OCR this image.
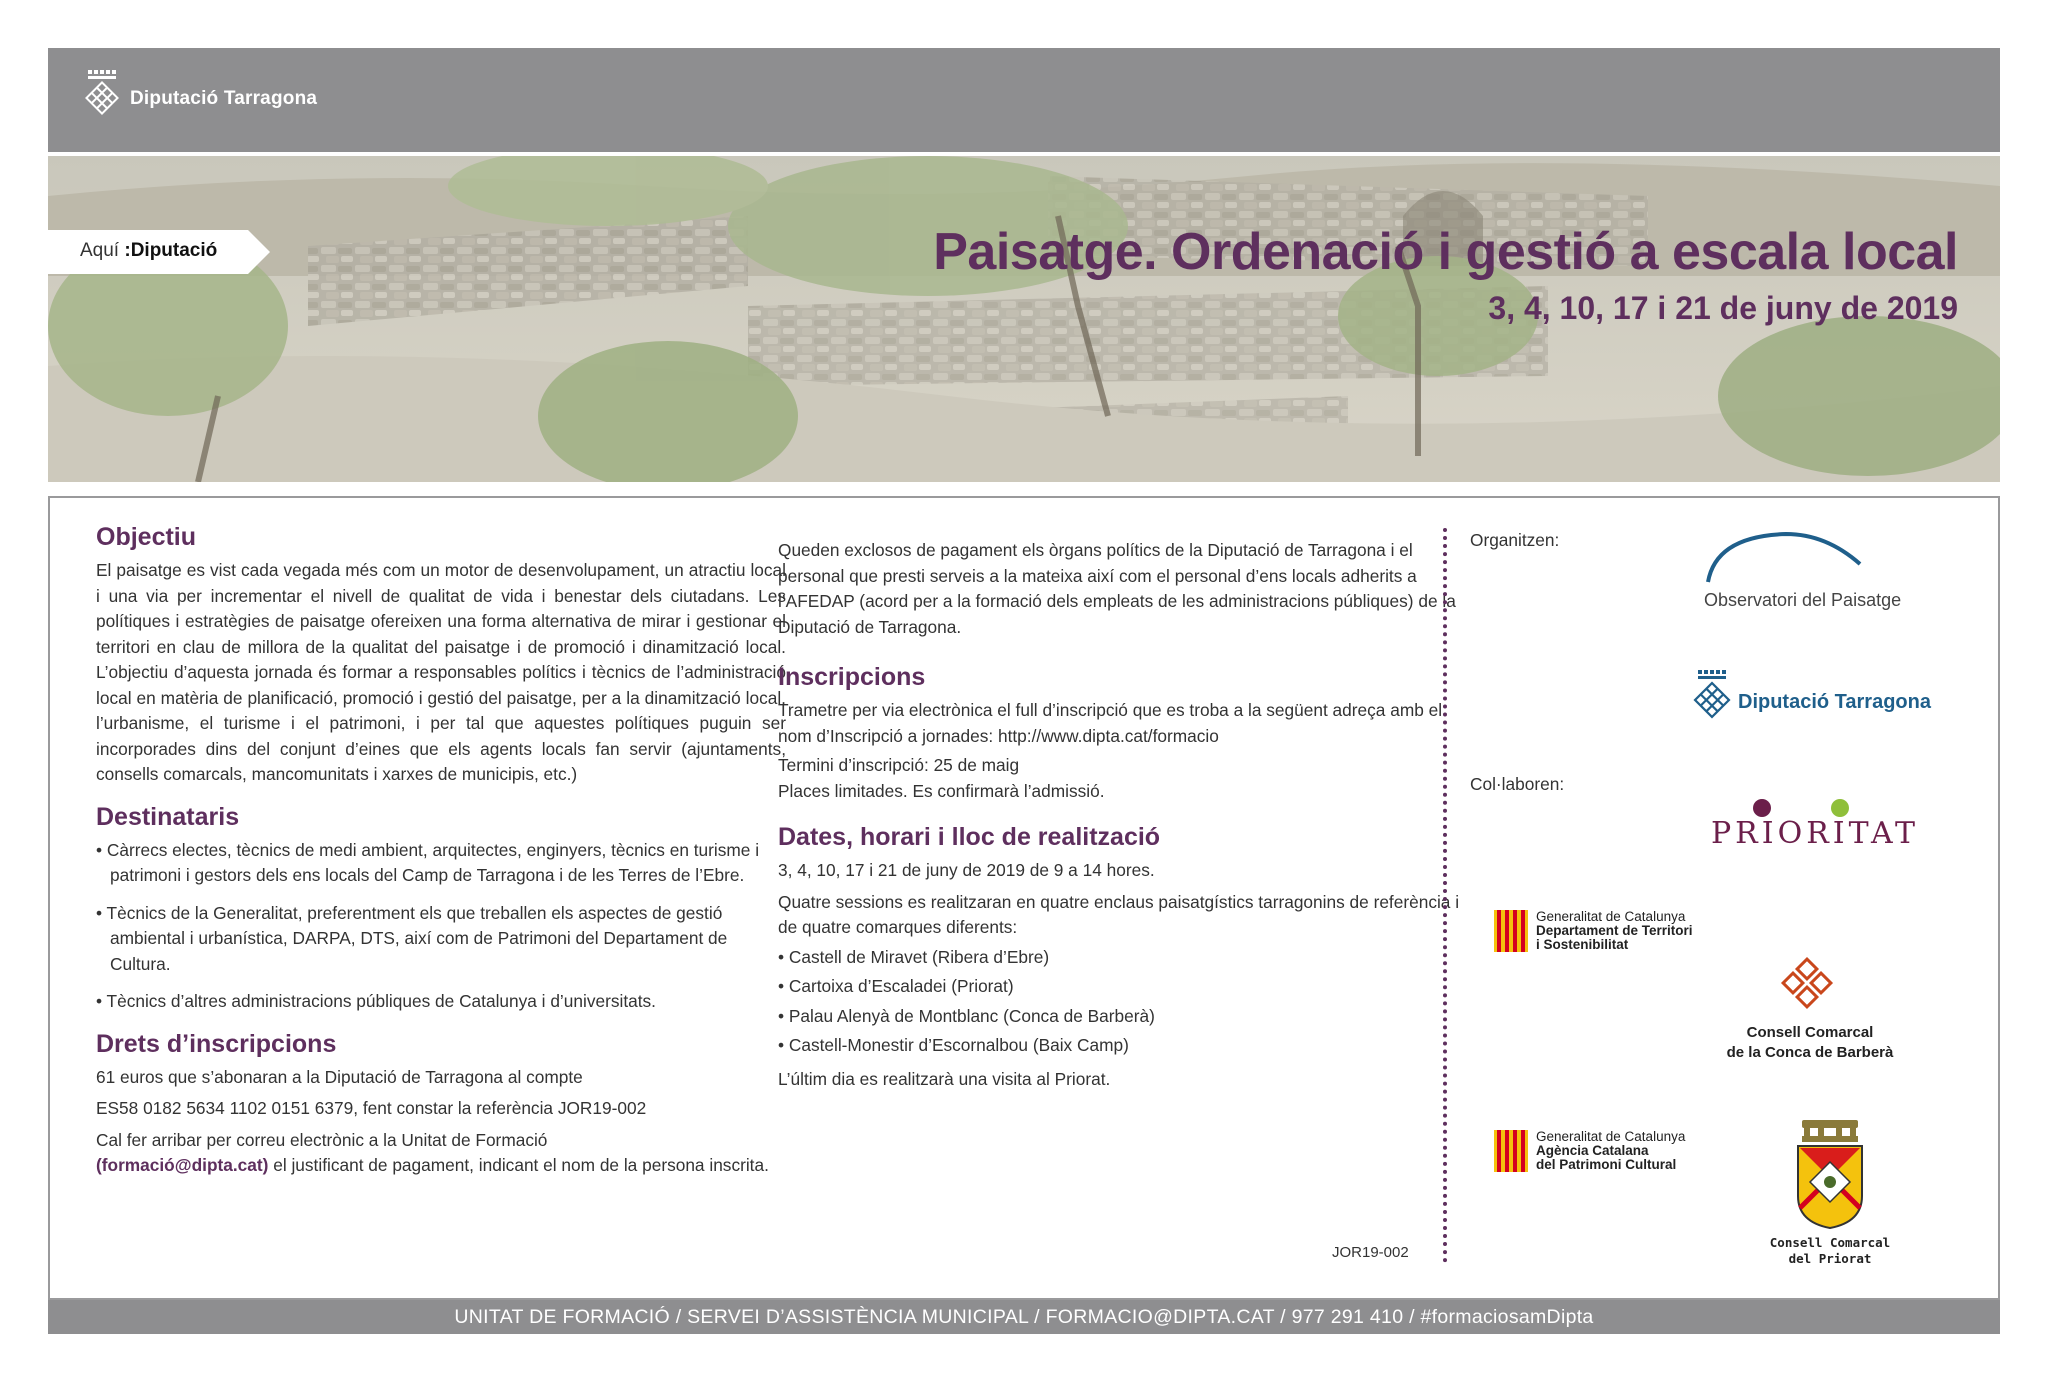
Diputació Tarragona
Aquí :Diputació	Paisatge. Ordenació i gestió a escala local
3, 4, 10, 17 i 21 de juny de 2019
Objectiu

El paisatge es vist cada vegada més com un motor de desenvolupament, un atractiu local i una via per incrementar el nivell de qualitat de vida i benestar dels ciutadans. Les polítiques i estratègies de paisatge ofereixen una forma alternativa de mirar i gestionar el territori en clau de millora de la qualitat del paisatge i de promoció i dinamització local. L’objectiu d’aquesta jornada és formar a responsables polítics i tècnics de l’administració local en matèria de planificació, promoció i gestió del paisatge, per a la dinamització local, l’urbanisme, el turisme i el patrimoni, i per tal que aquestes polítiques puguin ser incorporades dins del conjunt d’eines que els agents locals fan servir (ajuntaments, consells comarcals, mancomunitats i xarxes de municipis, etc.)

Destinataris

• Càrrecs electes, tècnics de medi ambient, arquitectes, enginyers, tècnics en turisme i patrimoni i gestors dels ens locals del Camp de Tarragona i de les Terres de l’Ebre.

• Tècnics de la Generalitat, preferentment els que treballen els aspectes de gestió ambiental i urbanística, DARPA, DTS, així com de Patrimoni del Departament de Cultura.

• Tècnics d’altres administracions públiques de Catalunya i d’universitats.

Drets d’inscripcions

61 euros que s’abonaran a la Diputació de Tarragona al compte

ES58 0182 5634 1102 0151 6379, fent constar la referència JOR19-002

Cal fer arribar per correu electrònic a la Unitat de Formació
(formació@dipta.cat) el justificant de pagament, indicant el nom de la persona inscrita.

Queden exclosos de pagament els òrgans polítics de la Diputació de Tarragona i el personal que presti serveis a la mateixa així com el personal d’ens locals adherits a l’AFEDAP (acord per a la formació dels empleats de les administracions públiques) de la Diputació de Tarragona.

Inscripcions

Trametre per via electrònica el full d’inscripció que es troba a la següent adreça amb el nom d’Inscripció a jornades: http://www.dipta.cat/formacio

Termini d’inscripció: 25 de maig

Places limitades. Es confirmarà l’admissió.

Dates, horari i lloc de realització

3, 4, 10, 17 i 21 de juny de 2019 de 9 a 14 hores.

Quatre sessions es realitzaran en quatre enclaus paisatgístics tarragonins de referència i de quatre comarques diferents:

• Castell de Miravet (Ribera d’Ebre)

• Cartoixa d’Escaladei (Priorat)

• Palau Alenyà de Montblanc (Conca de Barberà)

• Castell-Monestir d’Escornalbou (Baix Camp)

L’últim dia es realitzarà una visita al Priorat.

JOR19-002
Organitzen:
Observatori del Paisatge
Diputació Tarragona
Col·laboren:
PRIORITAT
Generalitat de Catalunya
Departament de Territori
i Sostenibilitat
Consell Comarcal
de la Conca de Barberà
Generalitat de Catalunya
Agència Catalana
del Patrimoni Cultural
Consell Comarcal
del Priorat
UNITAT DE FORMACIÓ / SERVEI D’ASSISTÈNCIA MUNICIPAL / FORMACIO@DIPTA.CAT / 977 291 410 / #formaciosamDipta
